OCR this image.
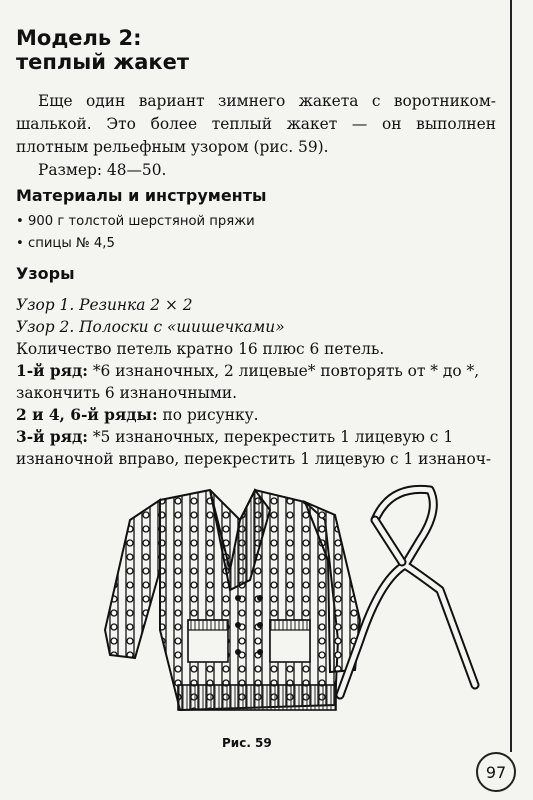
Модель 2:
теплый жакет

Еще один вариант зимнего жакета с воротником-шалькой. Это более теплый жакет — он выполнен плотным рельефным узором (рис. 59).

Размер: 48—50.

Материалы и инструменты
• 900 г толстой шерстяной пряжи
• спицы № 4,5
Узоры
Узор 1. Резинка 2 × 2
Узор 2. Полоски с «шишечками»
Количество петель кратно 16 плюс 6 петель.
1-й ряд: *6 изнаночных, 2 лицевые* повторять от * до *, закончить 6 изнаночными.
2 и 4, 6-й ряды: по рисунку.
3-й ряд: *5 изнаночных, перекрестить 1 лицевую с 1 изнаночной вправо, перекрестить 1 лицевую с 1 изнаноч-
Рис. 59
97
